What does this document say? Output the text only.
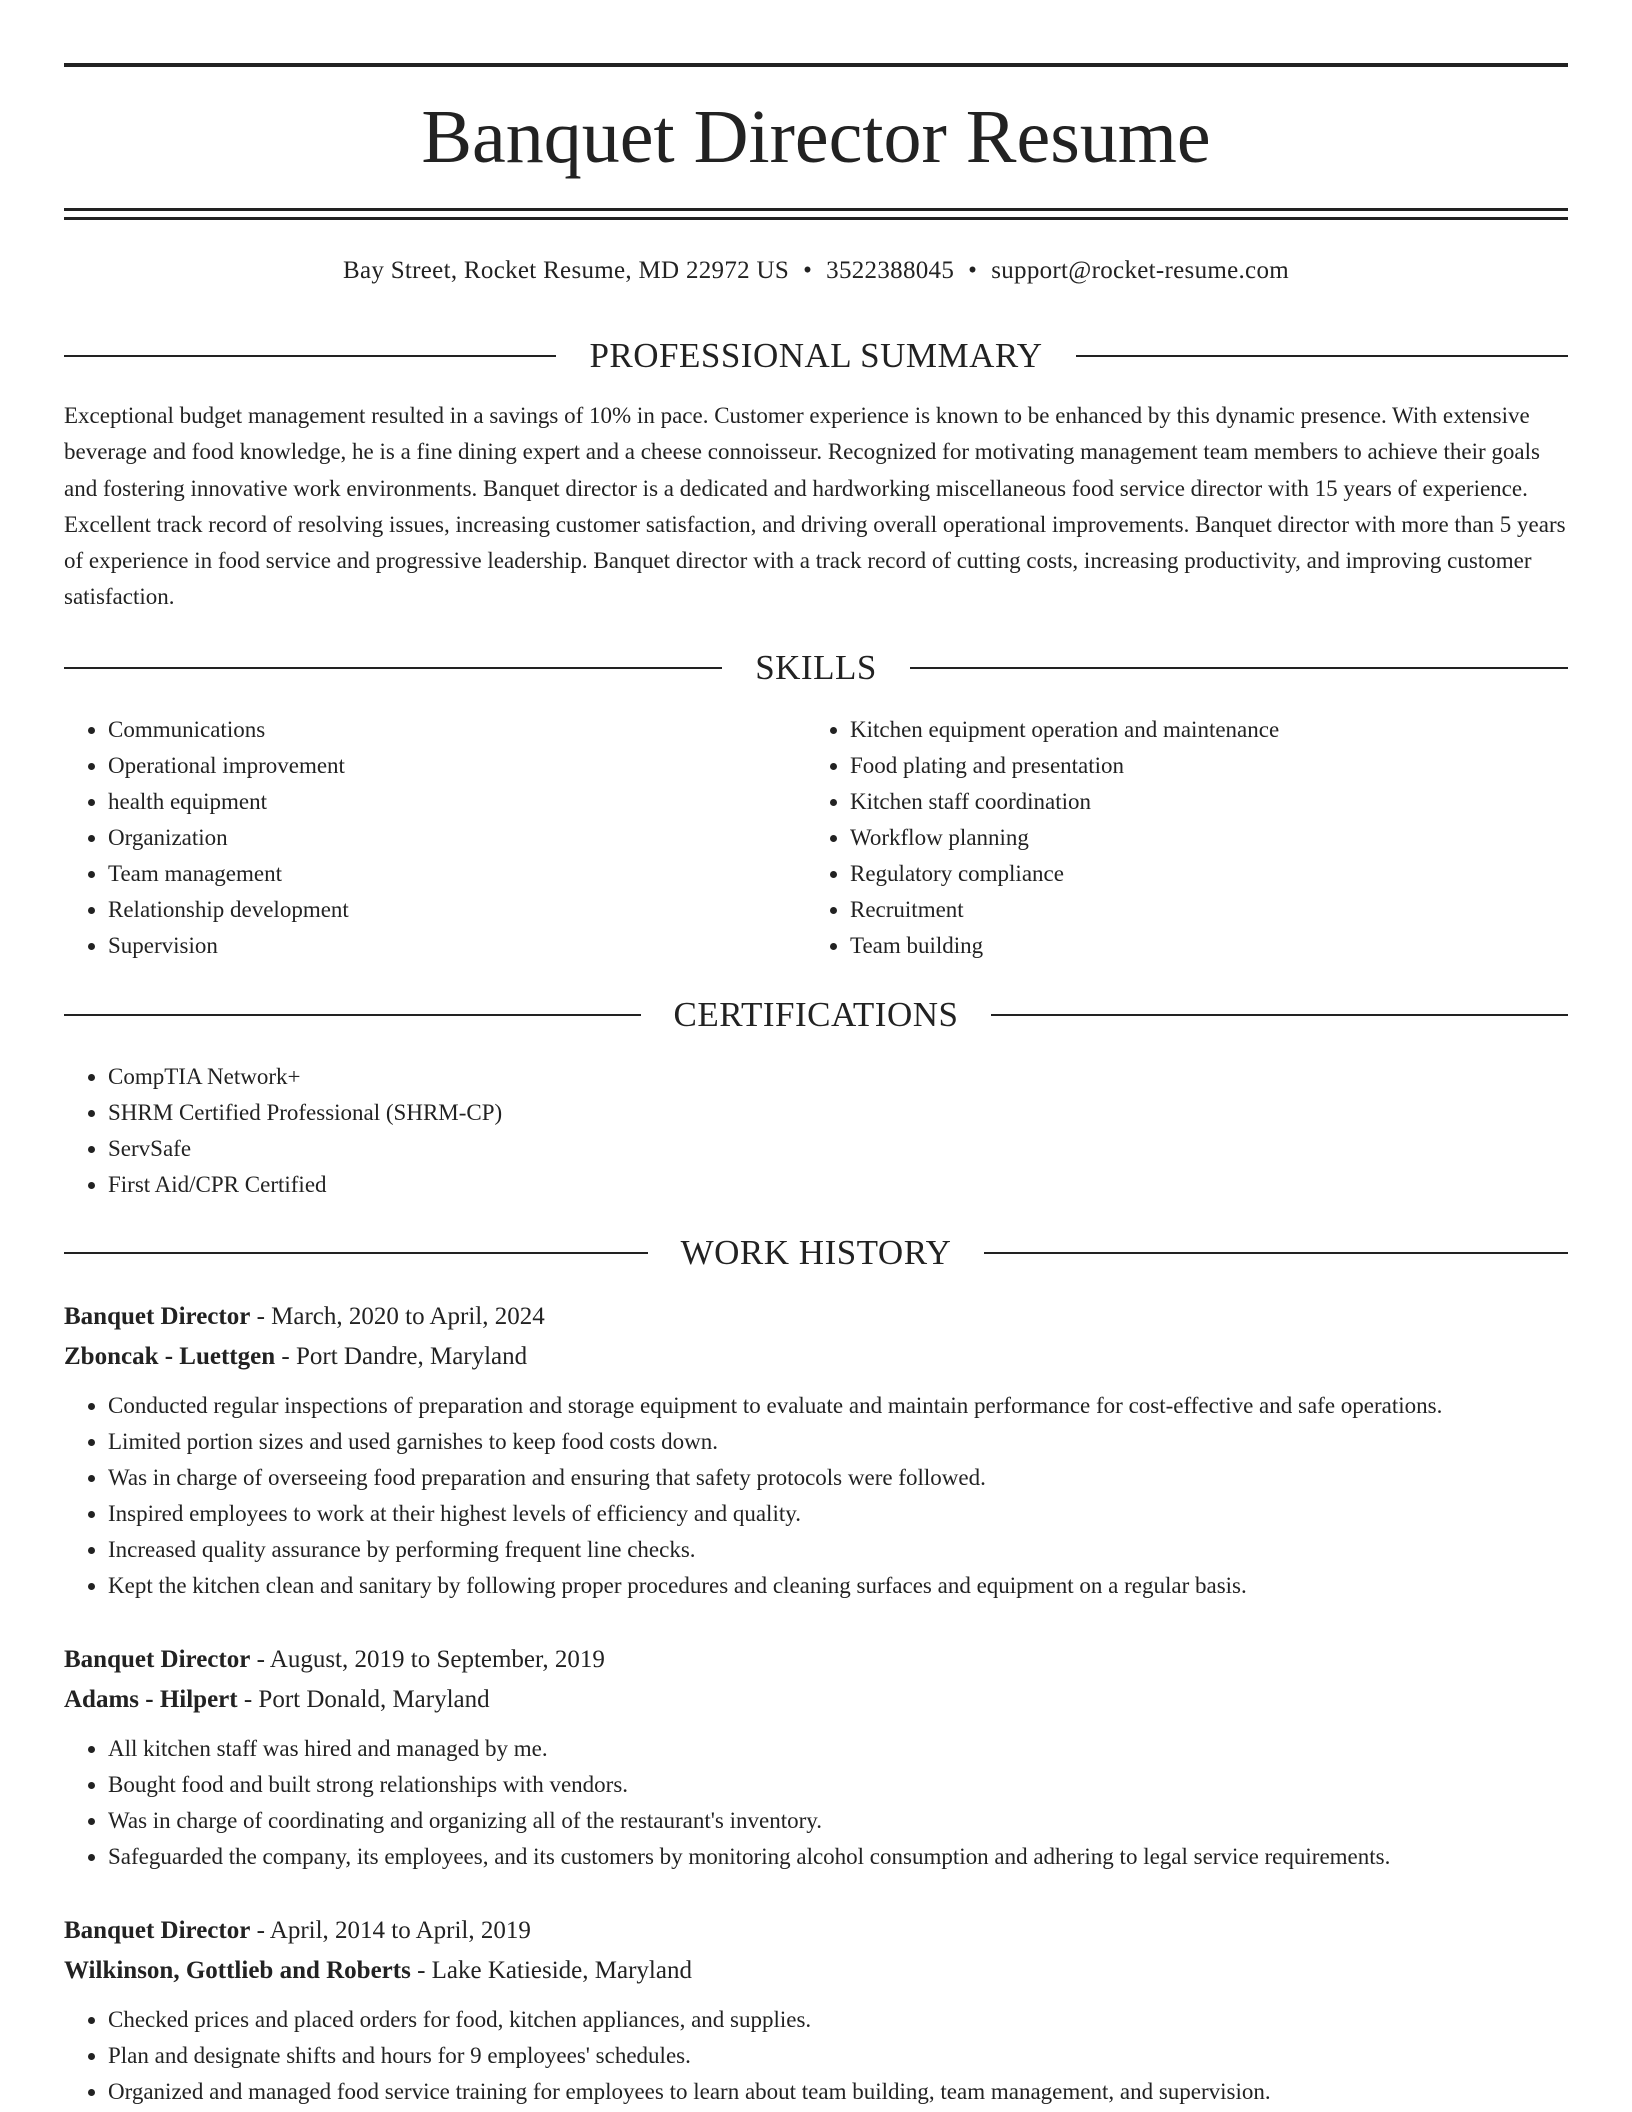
Banquet Director Resume
Bay Street, Rocket Resume, MD 22972 US • 3522388045 • support@rocket-resume.com
PROFESSIONAL SUMMARY

Exceptional budget management resulted in a savings of 10% in pace. Customer experience is known to be enhanced by this dynamic presence. With extensive beverage and food knowledge, he is a fine dining expert and a cheese connoisseur. Recognized for motivating management team members to achieve their goals and fostering innovative work environments. Banquet director is a dedicated and hardworking miscellaneous food service director with 15 years of experience. Excellent track record of resolving issues, increasing customer satisfaction, and driving overall operational improvements. Banquet director with more than 5 years of experience in food service and progressive leadership. Banquet director with a track record of cutting costs, increasing productivity, and improving customer satisfaction.

SKILLS
• Communications
• Operational improvement
• health equipment
• Organization
• Team management
• Relationship development
• Supervision
• Kitchen equipment operation and maintenance
• Food plating and presentation
• Kitchen staff coordination
• Workflow planning
• Regulatory compliance
• Recruitment
• Team building
CERTIFICATIONS
• CompTIA Network+
• SHRM Certified Professional (SHRM-CP)
• ServSafe
• First Aid/CPR Certified
WORK HISTORY
Banquet Director - March, 2020 to April, 2024
Zboncak - Luettgen - Port Dandre, Maryland
• Conducted regular inspections of preparation and storage equipment to evaluate and maintain performance for cost-effective and safe operations.
• Limited portion sizes and used garnishes to keep food costs down.
• Was in charge of overseeing food preparation and ensuring that safety protocols were followed.
• Inspired employees to work at their highest levels of efficiency and quality.
• Increased quality assurance by performing frequent line checks.
• Kept the kitchen clean and sanitary by following proper procedures and cleaning surfaces and equipment on a regular basis.
Banquet Director - August, 2019 to September, 2019
Adams - Hilpert - Port Donald, Maryland
• All kitchen staff was hired and managed by me.
• Bought food and built strong relationships with vendors.
• Was in charge of coordinating and organizing all of the restaurant's inventory.
• Safeguarded the company, its employees, and its customers by monitoring alcohol consumption and adhering to legal service requirements.
Banquet Director - April, 2014 to April, 2019
Wilkinson, Gottlieb and Roberts - Lake Katieside, Maryland
• Checked prices and placed orders for food, kitchen appliances, and supplies.
• Plan and designate shifts and hours for 9 employees' schedules.
• Organized and managed food service training for employees to learn about team building, team management, and supervision.
